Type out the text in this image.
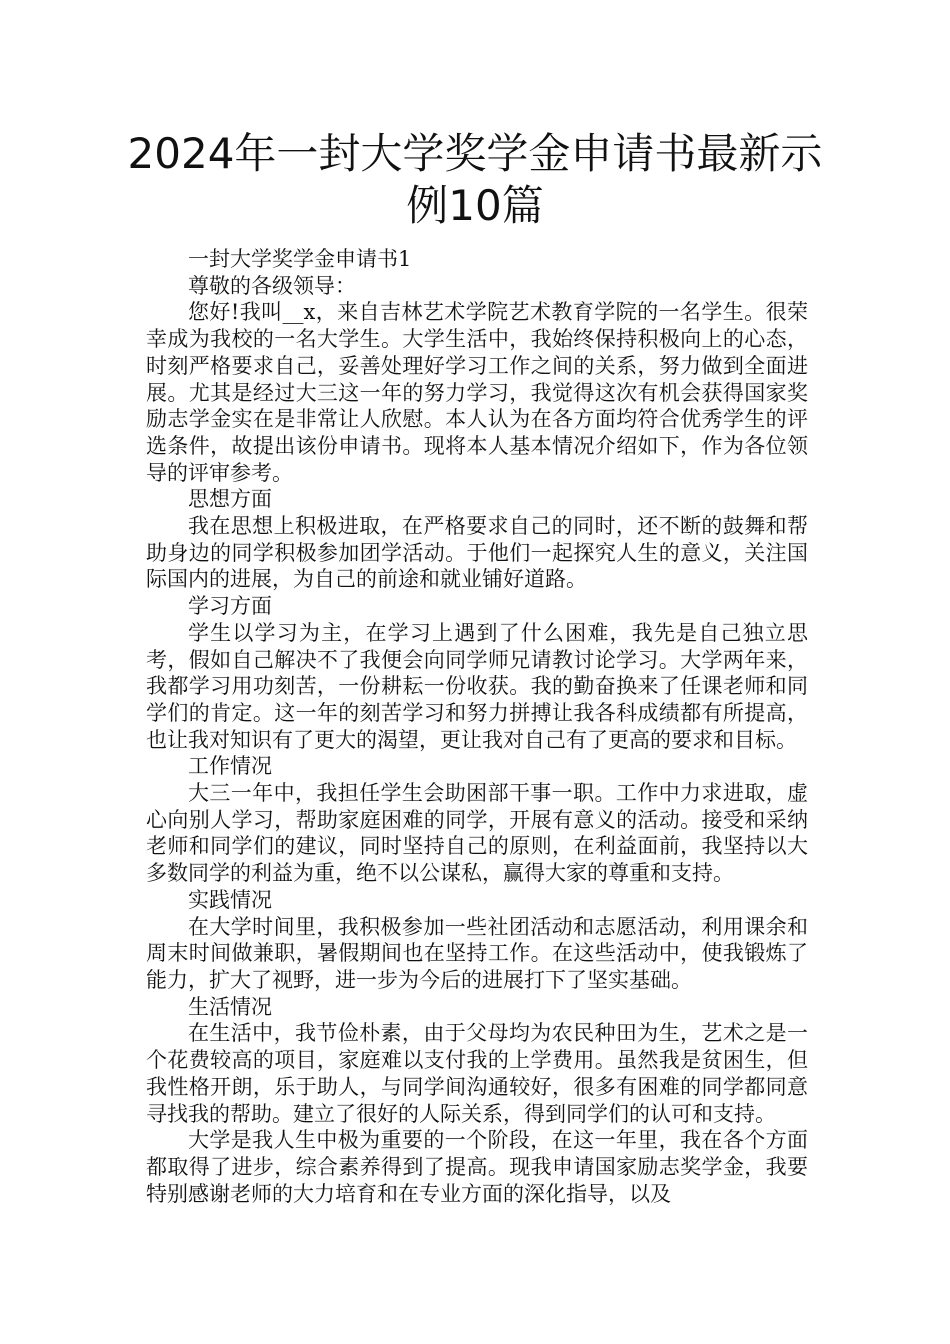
2024年一封大学奖学金申请书最新示例10篇

一封大学奖学金申请书1

尊敬的各级领导：

您好!我叫__x，来自吉林艺术学院艺术教育学院的一名学生。很荣幸成为我校的一名大学生。大学生活中，我始终保持积极向上的心态，时刻严格要求自己，妥善处理好学习工作之间的关系，努力做到全面进展。尤其是经过大三这一年的努力学习，我觉得这次有机会获得国家奖励志学金实在是非常让人欣慰。本人认为在各方面均符合优秀学生的评选条件，故提出该份申请书。现将本人基本情况介绍如下，作为各位领导的评审参考。

思想方面

我在思想上积极进取，在严格要求自己的同时，还不断的鼓舞和帮助身边的同学积极参加团学活动。于他们一起探究人生的意义，关注国际国内的进展，为自己的前途和就业铺好道路。

学习方面

学生以学习为主，在学习上遇到了什么困难，我先是自己独立思考，假如自己解决不了我便会向同学师兄请教讨论学习。大学两年来，我都学习用功刻苦，一份耕耘一份收获。我的勤奋换来了任课老师和同学们的肯定。这一年的刻苦学习和努力拼搏让我各科成绩都有所提高，也让我对知识有了更大的渴望，更让我对自己有了更高的要求和目标。

工作情况

大三一年中，我担任学生会助困部干事一职。工作中力求进取，虚心向别人学习，帮助家庭困难的同学，开展有意义的活动。接受和采纳老师和同学们的建议，同时坚持自己的原则，在利益面前，我坚持以大多数同学的利益为重，绝不以公谋私，赢得大家的尊重和支持。

实践情况

在大学时间里，我积极参加一些社团活动和志愿活动，利用课余和周末时间做兼职，暑假期间也在坚持工作。在这些活动中，使我锻炼了能力，扩大了视野，进一步为今后的进展打下了坚实基础。

生活情况

在生活中，我节俭朴素，由于父母均为农民种田为生，艺术之是一个花费较高的项目，家庭难以支付我的上学费用。虽然我是贫困生，但我性格开朗，乐于助人，与同学间沟通较好，很多有困难的同学都同意寻找我的帮助。建立了很好的人际关系，得到同学们的认可和支持。

大学是我人生中极为重要的一个阶段，在这一年里，我在各个方面都取得了进步，综合素养得到了提高。现我申请国家励志奖学金，我要特别感谢老师的大力培育和在专业方面的深化指导，以及
